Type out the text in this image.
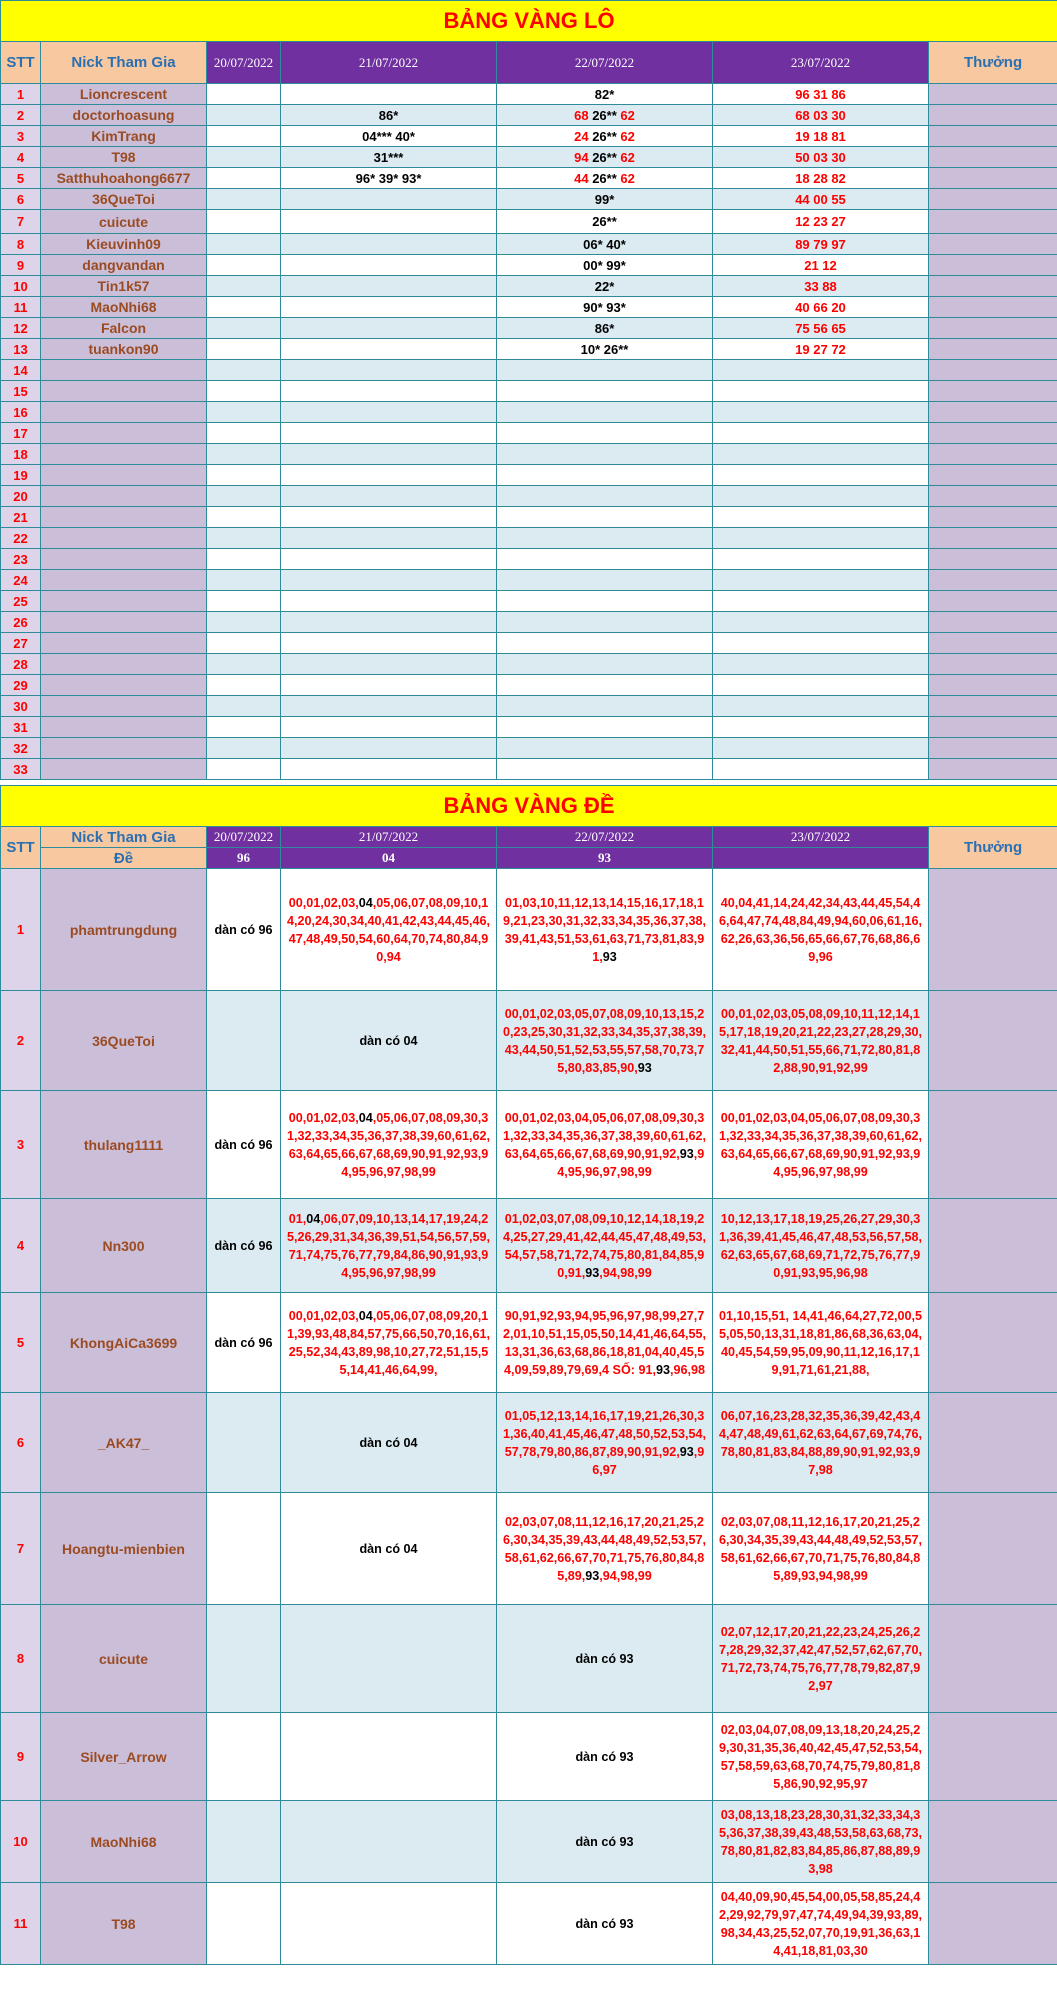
BẢNG VÀNG LÔ						
STT	Nick Tham Gia	20/07/2022	21/07/2022	22/07/2022	23/07/2022	Thưởng
1	Lioncrescent			82*	96 31 86	
2	doctorhoasung		86*	68 26** 62	68 03 30	
3	KimTrang		04*** 40*	24 26** 62	19 18 81	
4	T98		31***	94 26** 62	50 03 30	
5	Satthuhoahong6677		96* 39* 93*	44 26** 62	18 28 82	
6	36QueToi			99*	44 00 55	
7	cuicute			26**	12 23 27	
8	Kieuvinh09			06* 40*	89 79 97	
9	dangvandan			00* 99*	21 12	
10	Tin1k57			22*	33 88	
11	MaoNhi68			90* 93*	40 66 20	
12	Falcon			86*	75 56 65	
13	tuankon90			10* 26**	19 27 72	
14						
15						
16						
17						
18						
19						
20						
21						
22						
23						
24						
25						
26						
27						
28						
29						
30						
31						
32						
33						
BẢNG VÀNG ĐỀ						
STT	Nick Tham Gia	20/07/2022	21/07/2022	22/07/2022	23/07/2022	Thưởng
	Đề	96	04	93		
1	phamtrungdung	dàn có 96	00,01,02,03,04,05,06,07,08,09,10,14,20,24,30,34,40,41,42,43,44,45,46,47,48,49,50,54,60,64,70,74,80,84,90,94	01,03,10,11,12,13,14,15,16,17,18,19,21,23,30,31,32,33,34,35,36,37,38,39,41,43,51,53,61,63,71,73,81,83,91,93	40,04,41,14,24,42,34,43,44,45,54,46,64,47,74,48,84,49,94,60,06,61,16,62,26,63,36,56,65,66,67,76,68,86,69,96	
2	36QueToi		dàn có 04	00,01,02,03,05,07,08,09,10,13,15,20,23,25,30,31,32,33,34,35,37,38,39,43,44,50,51,52,53,55,57,58,70,73,75,80,83,85,90,93	00,01,02,03,05,08,09,10,11,12,14,15,17,18,19,20,21,22,23,27,28,29,30,32,41,44,50,51,55,66,71,72,80,81,82,88,90,91,92,99	
3	thulang1111	dàn có 96	00,01,02,03,04,05,06,07,08,09,30,31,32,33,34,35,36,37,38,39,60,61,62,63,64,65,66,67,68,69,90,91,92,93,94,95,96,97,98,99	00,01,02,03,04,05,06,07,08,09,30,31,32,33,34,35,36,37,38,39,60,61,62,63,64,65,66,67,68,69,90,91,92,93,94,95,96,97,98,99	00,01,02,03,04,05,06,07,08,09,30,31,32,33,34,35,36,37,38,39,60,61,62,63,64,65,66,67,68,69,90,91,92,93,94,95,96,97,98,99	
4	Nn300	dàn có 96	01,04,06,07,09,10,13,14,17,19,24,25,26,29,31,34,36,39,51,54,56,57,59,71,74,75,76,77,79,84,86,90,91,93,94,95,96,97,98,99	01,02,03,07,08,09,10,12,14,18,19,24,25,27,29,41,42,44,45,47,48,49,53,54,57,58,71,72,74,75,80,81,84,85,90,91,93,94,98,99	10,12,13,17,18,19,25,26,27,29,30,31,36,39,41,45,46,47,48,53,56,57,58,62,63,65,67,68,69,71,72,75,76,77,90,91,93,95,96,98	
5	KhongAiCa3699	dàn có 96	00,01,02,03,04,05,06,07,08,09,20,11,39,93,48,84,57,75,66,50,70,16,61,25,52,34,43,89,98,10,27,72,51,15,55,14,41,46,64,99,	90,91,92,93,94,95,96,97,98,99,27,72,01,10,51,15,05,50,14,41,46,64,55,13,31,36,63,68,86,18,81,04,40,45,54,09,59,89,79,69,4 SỐ: 91,93,96,98	01,10,15,51, 14,41,46,64,27,72,00,55,05,50,13,31,18,81,86,68,36,63,04,40,45,54,59,95,09,90,11,12,16,17,19,91,71,61,21,88,	
6	_AK47_		dàn có 04	01,05,12,13,14,16,17,19,21,26,30,31,36,40,41,45,46,47,48,50,52,53,54,57,78,79,80,86,87,89,90,91,92,93,96,97	06,07,16,23,28,32,35,36,39,42,43,44,47,48,49,61,62,63,64,67,69,74,76,78,80,81,83,84,88,89,90,91,92,93,97,98	
7	Hoangtu-mienbien		dàn có 04	02,03,07,08,11,12,16,17,20,21,25,26,30,34,35,39,43,44,48,49,52,53,57,58,61,62,66,67,70,71,75,76,80,84,85,89,93,94,98,99	02,03,07,08,11,12,16,17,20,21,25,26,30,34,35,39,43,44,48,49,52,53,57,58,61,62,66,67,70,71,75,76,80,84,85,89,93,94,98,99	
8	cuicute			dàn có 93	02,07,12,17,20,21,22,23,24,25,26,27,28,29,32,37,42,47,52,57,62,67,70,71,72,73,74,75,76,77,78,79,82,87,92,97	
9	Silver_Arrow			dàn có 93	02,03,04,07,08,09,13,18,20,24,25,29,30,31,35,36,40,42,45,47,52,53,54,57,58,59,63,68,70,74,75,79,80,81,85,86,90,92,95,97	
10	MaoNhi68			dàn có 93	03,08,13,18,23,28,30,31,32,33,34,35,36,37,38,39,43,48,53,58,63,68,73,78,80,81,82,83,84,85,86,87,88,89,93,98	
11	T98			dàn có 93	04,40,09,90,45,54,00,05,58,85,24,42,29,92,79,97,47,74,49,94,39,93,89,98,34,43,25,52,07,70,19,91,36,63,14,41,18,81,03,30	
